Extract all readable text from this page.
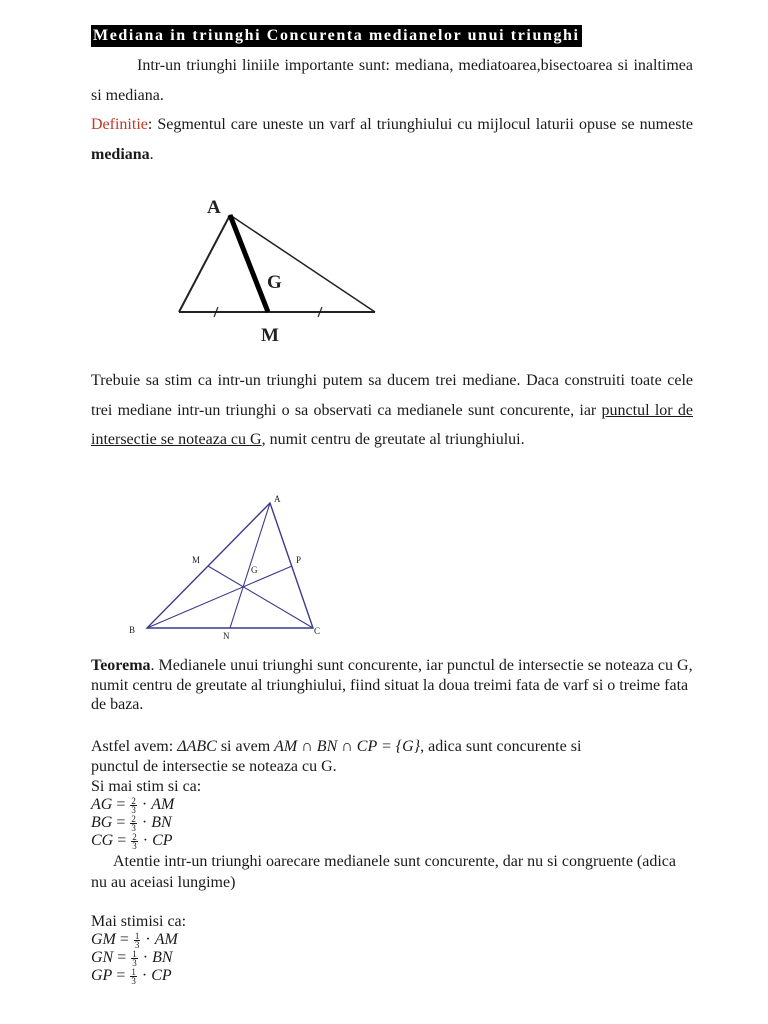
Mediana in triunghi Concurenta medianelor unui triunghi
Intr-un triunghi liniile importante sunt: mediana, mediatoarea,bisectoarea si inaltimea si mediana.
Definitie: Segmentul care uneste un varf al triunghiului cu mijlocul laturii opuse se numeste mediana.
A
G
M
Trebuie sa stim ca intr-un triunghi putem sa ducem trei mediane. Daca construiti toate cele trei mediane intr-un triunghi o sa observati ca medianele sunt concurente, iar punctul lor de intersectie se noteaza cu G, numit centru de greutate al triunghiului.
A
B	C
M
N
P
G
Teorema. Medianele unui triunghi sunt concurente, iar punctul de intersectie se noteaza cu G, numit centru de greutate al triunghiului, fiind situat la doua treimi fata de varf si o treime fata de baza.
Astfel avem: ΔABC si avem AM ∩ BN ∩ CP = {G}, adica sunt concurente si
punctul de intersectie se noteaza cu G.
Si mai stim si ca:
AG = $\frac{2}{3}$ · AM
BG = $\frac{2}{3}$ · BN
CG = $\frac{2}{3}$ · CP
Atentie intr-un triunghi oarecare medianele sunt concurente, dar nu si congruente (adica nu au aceiasi lungime)
Mai stimisi ca:
GM = $\frac{1}{3}$ · AM
GN = $\frac{1}{3}$ · BN
GP = $\frac{1}{3}$ · CP
